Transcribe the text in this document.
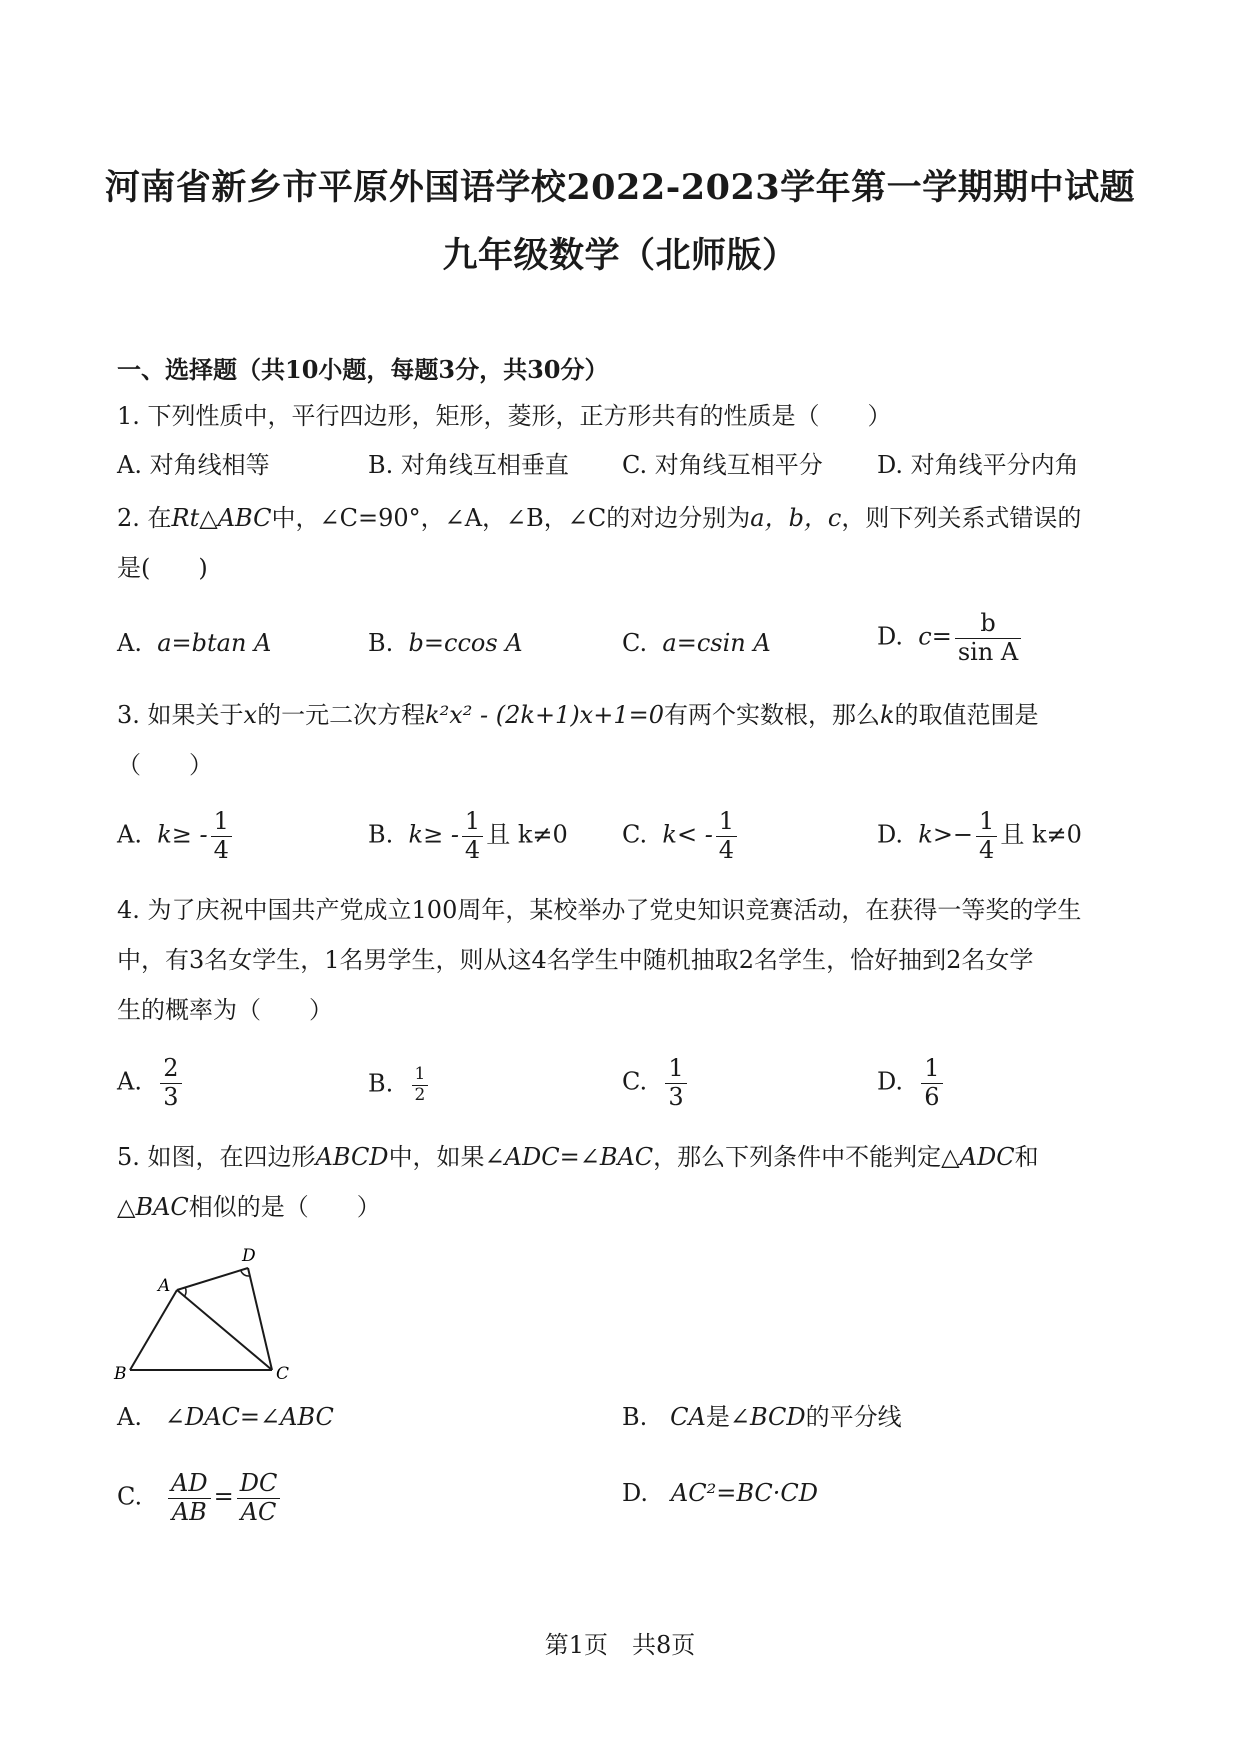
河南省新乡市平原外国语学校2022-2023学年第一学期期中试题
九年级数学（北师版）
一、选择题（共10小题，每题3分，共30分）
1. 下列性质中，平行四边形，矩形，菱形，正方形共有的性质是（　　）
A. 对角线相等	B. 对角线互相垂直 C. 对角线互相平分 D. 对角线平分内角
2. 在Rt△ABC中，∠C=90°，∠A，∠B，∠C的对边分别为a，b，c，则下列关系式错误的
是(　　)
A. a=btan A	B. b=ccos A	C. a=csin A	D. $c= \frac{b}{\text{sin A}}$
3. 如果关于x的一元二次方程k²x² - (2k+1)x+1=0有两个实数根，那么k的取值范围是
（　　）
A. $k\ge - \frac{1}{4}$	B. $k\ge - \frac{1}{4}$ 且 k≠0 C. $k< - \frac{1}{4}$	D. $k>- \frac{1}{4}$ 且 k≠0
4. 为了庆祝中国共产党成立100周年，某校举办了党史知识竞赛活动，在获得一等奖的学生
中，有3名女学生，1名男学生，则从这4名学生中随机抽取2名学生，恰好抽到2名女学
生的概率为（　　）
A. $\frac{2}{3}$	B. $\frac{1}{2}$	C. $\frac{1}{3}$	D. $\frac{1}{6}$
5. 如图，在四边形ABCD中，如果∠ADC=∠BAC，那么下列条件中不能判定△ADC和
△BAC相似的是（　　）
A
B	C
D
A. ∠DAC=∠ABC	B. CA是∠BCD的平分线
C. $\frac{AD}{AB} = \frac{DC}{AC}$	D. AC²=BC·CD
第1页　共8页
